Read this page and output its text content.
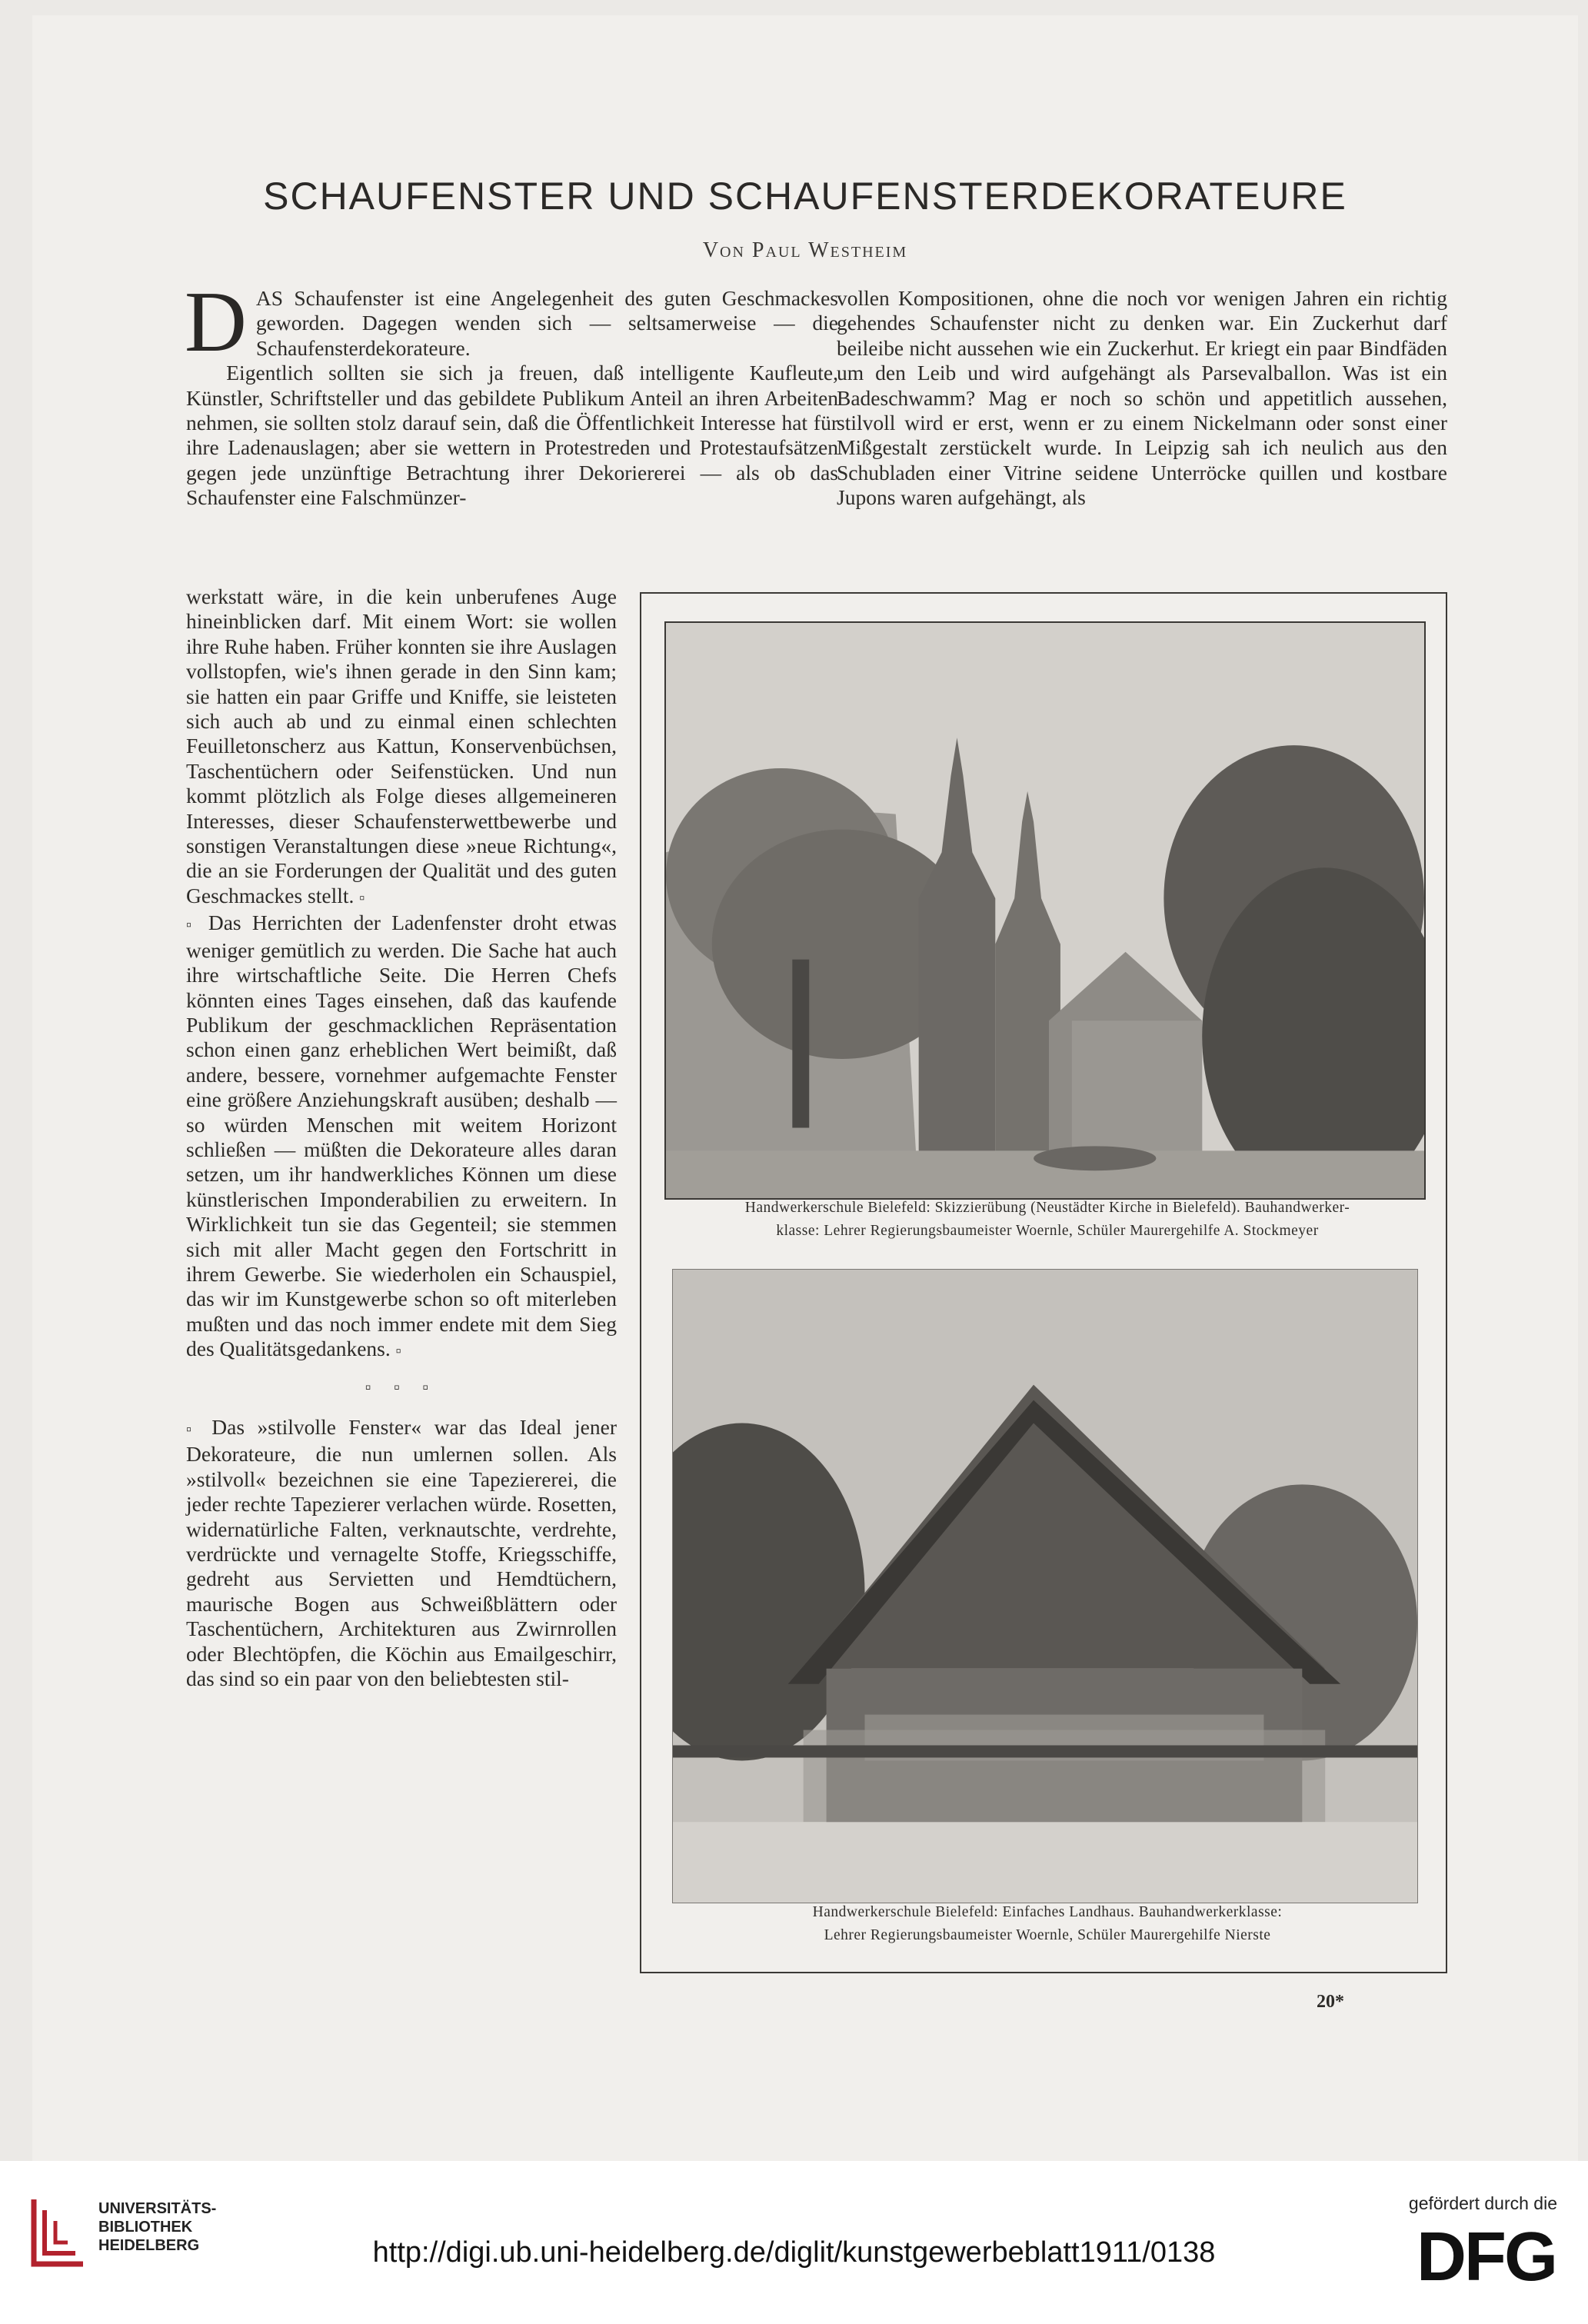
SCHAUFENSTER UND SCHAUFENSTERDEKORATEURE
Von Paul Westheim

DAS Schaufenster ist eine Angelegenheit des guten Geschmackes geworden. Dagegen wenden sich — seltsamerweise — die Schaufensterdekorateure.

Eigentlich sollten sie sich ja freuen, daß intelligente Kaufleute, Künstler, Schriftsteller und das gebildete Publikum Anteil an ihren Arbeiten nehmen, sie sollten stolz darauf sein, daß die Öffentlichkeit Interesse hat für ihre Ladenauslagen; aber sie wettern in Protestreden und Protestaufsätzen gegen jede unzünftige Betrachtung ihrer Dekoriererei — als ob das Schaufenster eine Falschmünzer-

werkstatt wäre, in die kein unberufenes Auge hineinblicken darf. Mit einem Wort: sie wollen ihre Ruhe haben. Früher konnten sie ihre Auslagen vollstopfen, wie's ihnen gerade in den Sinn kam; sie hatten ein paar Griffe und Kniffe, sie leisteten sich auch ab und zu einmal einen schlechten Feuilletonscherz aus Kattun, Konservenbüchsen, Taschentüchern oder Seifenstücken. Und nun kommt plötzlich als Folge dieses allgemeineren Interesses, dieser Schaufensterwettbewerbe und sonstigen Veranstaltungen diese »neue Richtung«, die an sie Forderungen der Qualität und des guten Geschmackes stellt. ▫

▫ Das Herrichten der Ladenfenster droht etwas weniger gemütlich zu werden. Die Sache hat auch ihre wirtschaftliche Seite. Die Herren Chefs könnten eines Tages einsehen, daß das kaufende Publikum der geschmacklichen Repräsentation schon einen ganz erheblichen Wert beimißt, daß andere, bessere, vornehmer aufgemachte Fenster eine größere Anziehungskraft ausüben; deshalb — so würden Menschen mit weitem Horizont schließen — müßten die Dekorateure alles daran setzen, um ihr handwerkliches Können um diese künstlerischen Imponderabilien zu erweitern. In Wirklichkeit tun sie das Gegenteil; sie stemmen sich mit aller Macht gegen den Fortschritt in ihrem Gewerbe. Sie wiederholen ein Schauspiel, das wir im Kunstgewerbe schon so oft miterleben mußten und das noch immer endete mit dem Sieg des Qualitätsgedankens. ▫

▫ ▫ ▫

▫ Das »stilvolle Fenster« war das Ideal jener Dekorateure, die nun umlernen sollen. Als »stilvoll« bezeichnen sie eine Tapeziererei, die jeder rechte Tapezierer verlachen würde. Rosetten, widernatürliche Falten, verknautschte, verdrehte, verdrückte und vernagelte Stoffe, Kriegsschiffe, gedreht aus Servietten und Hemdtüchern, maurische Bogen aus Schweißblättern oder Taschentüchern, Architekturen aus Zwirnrollen oder Blechtöpfen, die Köchin aus Emailgeschirr, das sind so ein paar von den beliebtesten stil-

vollen Kompositionen, ohne die noch vor wenigen Jahren ein richtig gehendes Schaufenster nicht zu denken war. Ein Zuckerhut darf beileibe nicht aussehen wie ein Zuckerhut. Er kriegt ein paar Bindfäden um den Leib und wird aufgehängt als Parsevalballon. Was ist ein Badeschwamm? Mag er noch so schön und appetitlich aussehen, stilvoll wird er erst, wenn er zu einem Nickelmann oder sonst einer Mißgestalt zerstückelt wurde. In Leipzig sah ich neulich aus den Schubladen einer Vitrine seidene Unterröcke quillen und kostbare Jupons waren aufgehängt, als
Handwerkerschule Bielefeld: Skizzierübung (Neustädter Kirche in Bielefeld). Bauhandwerker-
klasse: Lehrer Regierungsbaumeister Woernle, Schüler Maurergehilfe A. Stockmeyer
Handwerkerschule Bielefeld: Einfaches Landhaus. Bauhandwerkerklasse:
Lehrer Regierungsbaumeister Woernle, Schüler Maurergehilfe Nierste
20*
UNIVERSITÄTS-
BIBLIOTHEK
HEIDELBERG	http://digi.ub.uni-heidelberg.de/diglit/kunstgewerbeblatt1911/0138
gefördert durch die
DFG
